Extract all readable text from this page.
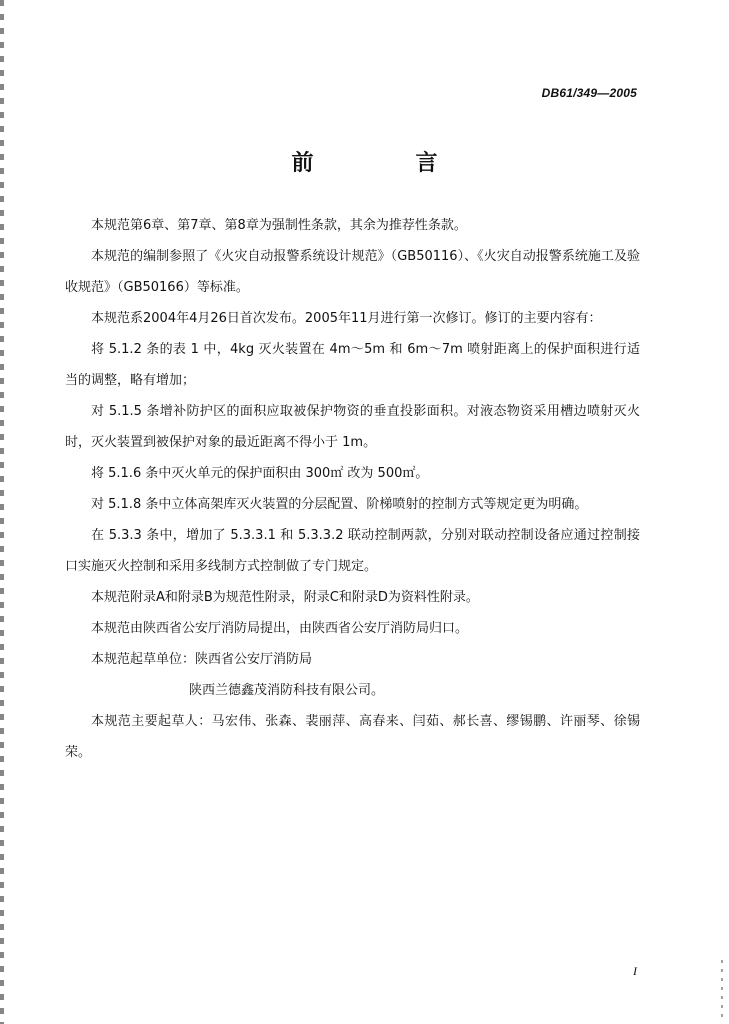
DB61/349—2005
前　言

本规范第6章、第7章、第8章为强制性条款，其余为推荐性条款。

本规范的编制参照了《火灾自动报警系统设计规范》（GB50116）、《火灾自动报警系统施工及验收规范》（GB50166）等标准。

本规范系2004年4月26日首次发布。2005年11月进行第一次修订。修订的主要内容有：

将 5.1.2 条的表 1 中，4kg 灭火装置在 4m～5m 和 6m～7m 喷射距离上的保护面积进行适当的调整，略有增加；

对 5.1.5 条增补防护区的面积应取被保护物资的垂直投影面积。对液态物资采用槽边喷射灭火时，灭火装置到被保护对象的最近距离不得小于 1m。

将 5.1.6 条中灭火单元的保护面积由 300㎡ 改为 500㎡。

对 5.1.8 条中立体高架库灭火装置的分层配置、阶梯喷射的控制方式等规定更为明确。

在 5.3.3 条中，增加了 5.3.3.1 和 5.3.3.2 联动控制两款，分别对联动控制设备应通过控制接口实施灭火控制和采用多线制方式控制做了专门规定。

本规范附录A和附录B为规范性附录，附录C和附录D为资料性附录。

本规范由陕西省公安厅消防局提出，由陕西省公安厅消防局归口。

本规范起草单位：陕西省公安厅消防局

陕西兰德鑫茂消防科技有限公司。

本规范主要起草人：马宏伟、张森、裴丽萍、高春来、闫茹、郝长喜、缪锡鹏、许丽琴、徐锡荣。

I
